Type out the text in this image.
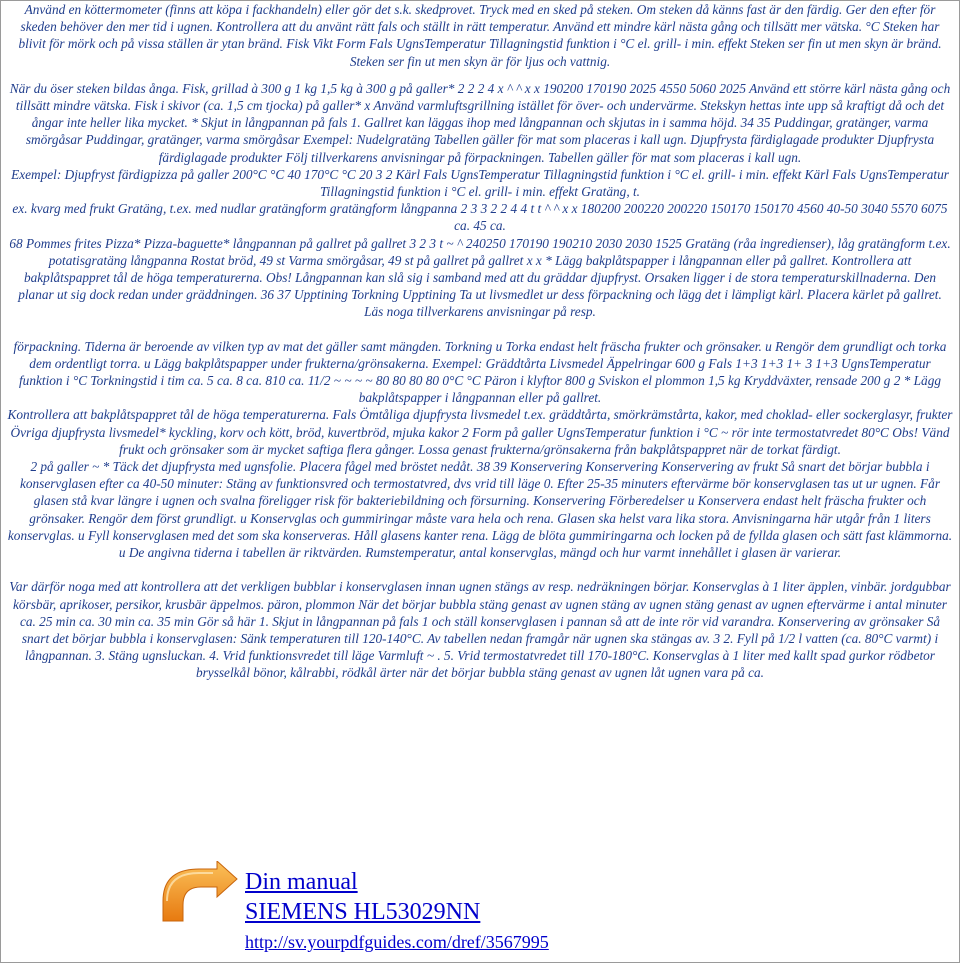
Använd en köttermometer (finns att köpa i fackhandeln) eller gör det s.k. skedprovet. Tryck med en sked på steken. Om steken då känns fast är den färdig. Ger den efter för skeden behöver den mer tid i ugnen. Kontrollera att du använt rätt fals och ställt in rätt temperatur. Använd ett mindre kärl nästa gång och tillsätt mer vätska. °C Steken har blivit för mörk och på vissa ställen är ytan bränd. Fisk Vikt Form Fals UgnsTemperatur Tillagningstid funktion i °C el. grill- i min. effekt Steken ser fin ut men skyn är bränd. Steken ser fin ut men skyn är för ljus och vattnig.

När du öser steken bildas ånga. Fisk, grillad à 300 g 1 kg 1,5 kg à 300 g på galler* 2 2 2 4 x ^ ^ x x 190200 170190 2025 4550 5060 2025 Använd ett större kärl nästa gång och tillsätt mindre vätska. Fisk i skivor (ca. 1,5 cm tjocka) på galler* x Använd varmluftsgrillning istället för över- och undervärme. Stekskyn hettas inte upp så kraftigt då och det ångar inte heller lika mycket. * Skjut in långpannan på fals 1. Gallret kan läggas ihop med långpannan och skjutas in i samma höjd. 34 35 Puddingar, gratänger, varma smörgåsar Puddingar, gratänger, varma smörgåsar Exempel: Nudelgratäng Tabellen gäller för mat som placeras i kall ugn. Djupfrysta färdiglagade produkter Djupfrysta färdiglagade produkter Följ tillverkarens anvisningar på förpackningen. Tabellen gäller för mat som placeras i kall ugn.

Exempel: Djupfryst färdigpizza på galler 200°C °C 40 170°C °C 20 3 2 Kärl Fals UgnsTemperatur Tillagningstid funktion i °C el. grill- i min. effekt Kärl Fals UgnsTemperatur Tillagningstid funktion i °C el. grill- i min. effekt Gratäng, t.

ex. kvarg med frukt Gratäng, t.ex. med nudlar gratängform gratängform långpanna 2 3 3 2 2 4 4 t t ^ ^ x x 180200 200220 200220 150170 150170 4560 40-50 3040 5570 6075 ca. 45 ca.

68 Pommes frites Pizza* Pizza-baguette* långpannan på gallret på gallret 3 2 3 t ~ ^ 240250 170190 190210 2030 2030 1525 Gratäng (råa ingredienser), låg gratängform t.ex. potatisgratäng långpanna Rostat bröd, 49 st Varma smörgåsar, 49 st på gallret på gallret x x * Lägg bakplåtspapper i långpannan eller på gallret. Kontrollera att bakplåtspappret tål de höga temperaturerna. Obs! Långpannan kan slå sig i samband med att du gräddar djupfryst. Orsaken ligger i de stora temperaturskillnaderna. Den planar ut sig dock redan under gräddningen. 36 37 Upptining Torkning Upptining Ta ut livsmedlet ur dess förpackning och lägg det i lämpligt kärl. Placera kärlet på gallret. Läs noga tillverkarens anvisningar på resp.

förpackning. Tiderna är beroende av vilken typ av mat det gäller samt mängden. Torkning u Torka endast helt fräscha frukter och grönsaker. u Rengör dem grundligt och torka dem ordentligt torra. u Lägg bakplåtspapper under frukterna/grönsakerna. Exempel: Gräddtårta Livsmedel Äppelringar 600 g Fals 1+3 1+3 1+ 3 1+3 UgnsTemperatur funktion i °C Torkningstid i tim ca. 5 ca. 8 ca. 810 ca. 11/2 ~ ~ ~ ~ 80 80 80 80 0°C °C Päron i klyftor 800 g Sviskon el plommon 1,5 kg Kryddväxter, rensade 200 g 2 * Lägg bakplåtspapper i långpannan eller på gallret.

Kontrollera att bakplåtspappret tål de höga temperaturerna. Fals Ömtåliga djupfrysta livsmedel t.ex. gräddtårta, smörkrämstårta, kakor, med choklad- eller sockerglasyr, frukter Övriga djupfrysta livsmedel* kyckling, korv och kött, bröd, kuvertbröd, mjuka kakor 2 Form på galler UgnsTemperatur funktion i °C ~ rör inte termostatvredet 80°C Obs! Vänd frukt och grönsaker som är mycket saftiga flera gånger. Lossa genast frukterna/grönsakerna från bakplåtspappret när de torkat färdigt.

2 på galler ~ * Täck det djupfrysta med ugnsfolie. Placera fågel med bröstet nedåt. 38 39 Konservering Konservering Konservering av frukt Så snart det börjar bubbla i konservglasen efter ca 40-50 minuter: Stäng av funktionsvred och termostatvred, dvs vrid till läge 0. Efter 25-35 minuters eftervärme bör konservglasen tas ut ur ugnen. Får glasen stå kvar längre i ugnen och svalna föreligger risk för bakteriebildning och försurning. Konservering Förberedelser u Konservera endast helt fräscha frukter och grönsaker. Rengör dem först grundligt. u Konservglas och gummiringar måste vara hela och rena. Glasen ska helst vara lika stora. Anvisningarna här utgår från 1 liters konservglas. u Fyll konservglasen med det som ska konserveras. Håll glasens kanter rena. Lägg de blöta gummiringarna och locken på de fyllda glasen och sätt fast klämmorna. u De angivna tiderna i tabellen är riktvärden. Rumstemperatur, antal konservglas, mängd och hur varmt innehållet i glasen är varierar.

Var därför noga med att kontrollera att det verkligen bubblar i konservglasen innan ugnen stängs av resp. nedräkningen börjar. Konservglas à 1 liter äpplen, vinbär. jordgubbar körsbär, aprikoser, persikor, krusbär äppelmos. päron, plommon När det börjar bubbla stäng genast av ugnen stäng av ugnen stäng genast av ugnen eftervärme i antal minuter ca. 25 min ca. 30 min ca. 35 min Gör så här 1. Skjut in långpannan på fals 1 och ställ konservglasen i pannan så att de inte rör vid varandra. Konservering av grönsaker Så snart det börjar bubbla i konservglasen: Sänk temperaturen till 120-140°C. Av tabellen nedan framgår när ugnen ska stängas av. 3 2. Fyll på 1/2 l vatten (ca. 80°C varmt) i långpannan. 3. Stäng ugnsluckan. 4. Vrid funktionsvredet till läge Varmluft ~ . 5. Vrid termostatvredet till 170-180°C. Konservglas à 1 liter med kallt spad gurkor rödbetor brysselkål bönor, kålrabbi, rödkål ärter när det börjar bubbla stäng genast av ugnen låt ugnen vara på ca.

Din manual
SIEMENS HL53029NN
http://sv.yourpdfguides.com/dref/3567995
